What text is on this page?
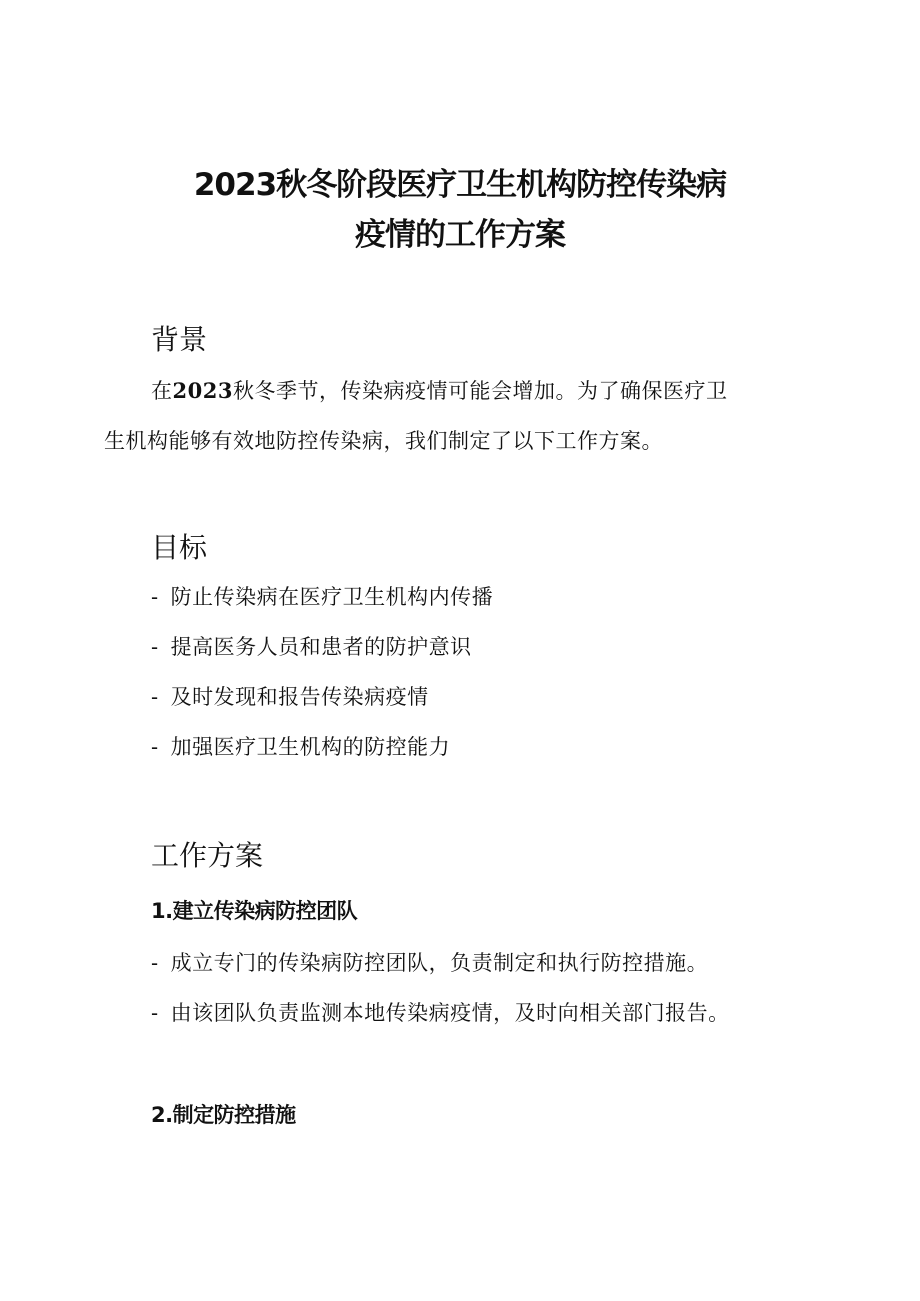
2023秋冬阶段医疗卫生机构防控传染病
疫情的工作方案
背景

在2023秋冬季节，传染病疫情可能会增加。为了确保医疗卫

生机构能够有效地防控传染病，我们制定了以下工作方案。

目标

- 防止传染病在医疗卫生机构内传播

- 提高医务人员和患者的防护意识

- 及时发现和报告传染病疫情

- 加强医疗卫生机构的防控能力

工作方案
1.建立传染病防控团队

- 成立专门的传染病防控团队，负责制定和执行防控措施。

- 由该团队负责监测本地传染病疫情，及时向相关部门报告。

2.制定防控措施
